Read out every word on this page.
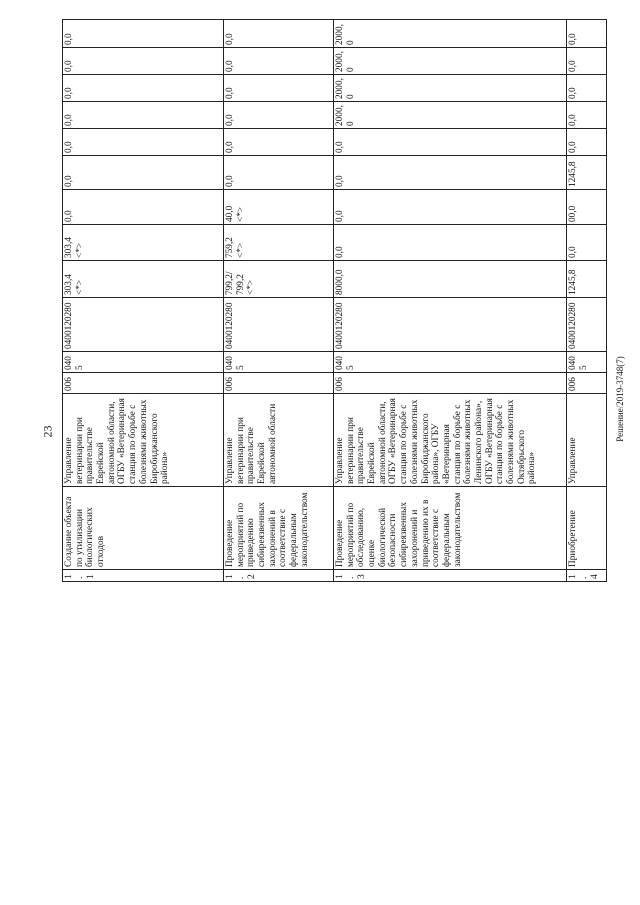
23	Решение/2019-3748(7)
1.1	Создание объекта по утилизации биологических отходов	Управление ветеринарии при правительстве Еврейской автономной области, ОГБУ «Ветеринарная станция по борьбе с болезнями животных Биробиджанского района»	006	0405	0400120280	303,4 <*>	303,4 <*>	0,0	0,0	0,0	0,0	0,0	0,0	0,0
1.2	Проведение мероприятий по приведению сибиреязвенных захоронений в соответствие с федеральным законодательством	Управление ветеринарии при правительстве Еврейской автономной области	006	0405	0400120280	799,2/ 799,2 <*>	759,2 <*>	40,0 <*>	0,0	0,0	0,0	0,0	0,0	0,0
1.3	Проведение мероприятий по обследованию, оценке биологической безопасности сибиреязвенных захоронений и приведению их в соответствие с федеральным законодательством	Управление ветеринарии при правительстве Еврейской автономной области, ОГБУ «Ветеринарная станция по борьбе с болезнями животных Биробиджанского района», ОГБУ «Ветеринарная станция по борьбе с болезнями животных Ленинского района», ОГБУ «Ветеринарная станция по борьбе с болезнями животных Октябрьского района»	006	0405	0400120280	8000,0	0,0	0,0	0,0	0,0	2000,0	2000,0	2000,0	2000,0
1.4	Приобретение	Управление	006	0405	0400120280	1245,8	0,0	00,0	1245,8	0,0	0,0	0,0	0,0	0,0
